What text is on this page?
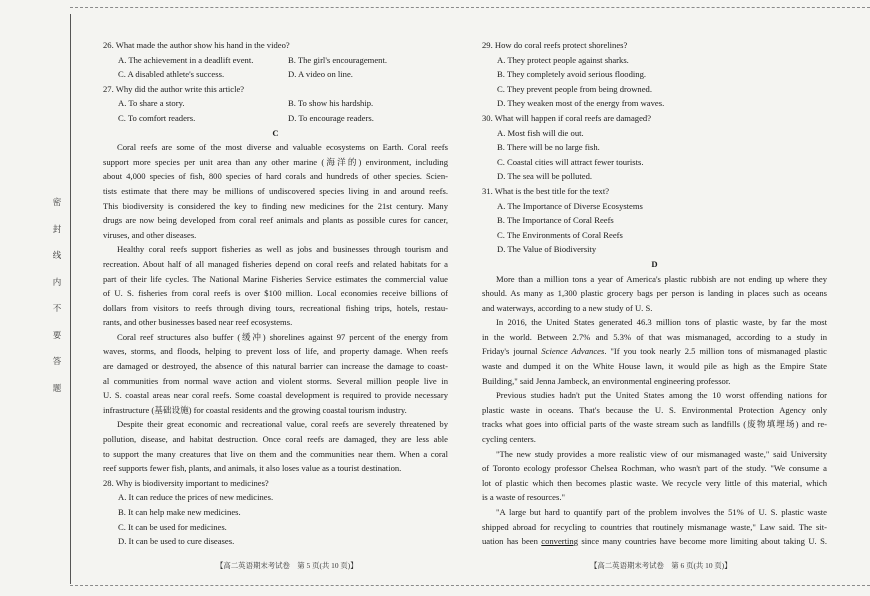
密
封
线
内
不
要
答
题
26. What made the author show his hand in the video?
A. The achievement in a deadlift event.	B. The girl's encouragement.
C. A disabled athlete's success.	D. A video on line.
27. Why did the author write this article?
A. To share a story.	B. To show his hardship.
C. To comfort readers.	D. To encourage readers.
C
Coral reefs are some of the most diverse and valuable ecosystems on Earth. Coral reefs
support more species per unit area than any other marine (海洋的) environment, including
about 4,000 species of fish, 800 species of hard corals and hundreds of other species. Scien-
tists estimate that there may be millions of undiscovered species living in and around reefs.
This biodiversity is considered the key to finding new medicines for the 21st century. Many
drugs are now being developed from coral reef animals and plants as possible cures for cancer,
viruses, and other diseases.
Healthy coral reefs support fisheries as well as jobs and businesses through tourism and
recreation. About half of all managed fisheries depend on coral reefs and related habitats for a
part of their life cycles. The National Marine Fisheries Service estimates the commercial value
of U. S. fisheries from coral reefs is over $100 million. Local economies receive billions of
dollars from visitors to reefs through diving tours, recreational fishing trips, hotels, restau-
rants, and other businesses based near reef ecosystems.
Coral reef structures also buffer (缓冲) shorelines against 97 percent of the energy from
waves, storms, and floods, helping to prevent loss of life, and property damage. When reefs
are damaged or destroyed, the absence of this natural barrier can increase the damage to coast-
al communities from normal wave action and violent storms. Several million people live in
U. S. coastal areas near coral reefs. Some coastal development is required to provide necessary
infrastructure (基础设施) for coastal residents and the growing coastal tourism industry.
Despite their great economic and recreational value, coral reefs are severely threatened by
pollution, disease, and habitat destruction. Once coral reefs are damaged, they are less able
to support the many creatures that live on them and the communities near them. When a coral
reef supports fewer fish, plants, and animals, it also loses value as a tourist destination.
28. Why is biodiversity important to medicines?
A. It can reduce the prices of new medicines.
B. It can help make new medicines.
C. It can be used for medicines.
D. It can be used to cure diseases.
29. How do coral reefs protect shorelines?
A. They protect people against sharks.
B. They completely avoid serious flooding.
C. They prevent people from being drowned.
D. They weaken most of the energy from waves.
30. What will happen if coral reefs are damaged?
A. Most fish will die out.
B. There will be no large fish.
C. Coastal cities will attract fewer tourists.
D. The sea will be polluted.
31. What is the best title for the text?
A. The Importance of Diverse Ecosystems
B. The Importance of Coral Reefs
C. The Environments of Coral Reefs
D. The Value of Biodiversity
D
More than a million tons a year of America's plastic rubbish are not ending up where they
should. As many as 1,300 plastic grocery bags per person is landing in places such as oceans
and waterways, according to a new study of U. S.
In 2016, the United States generated 46.3 million tons of plastic waste, by far the most
in the world. Between 2.7% and 5.3% of that was mismanaged, according to a study in
Friday's journal Science Advances. "If you took nearly 2.5 million tons of mismanaged plastic
waste and dumped it on the White House lawn, it would pile as high as the Empire State
Building," said Jenna Jambeck, an environmental engineering professor.
Previous studies hadn't put the United States among the 10 worst offending nations for
plastic waste in oceans. That's because the U. S. Environmental Protection Agency only
tracks what goes into official parts of the waste stream such as landfills (废物填埋场) and re-
cycling centers.
"The new study provides a more realistic view of our mismanaged waste," said University
of Toronto ecology professor Chelsea Rochman, who wasn't part of the study. "We consume a
lot of plastic which then becomes plastic waste. We recycle very little of this material, which
is a waste of resources."
"A large but hard to quantify part of the problem involves the 51% of U. S. plastic waste
shipped abroad for recycling to countries that routinely mismanage waste," Law said. The sit-
uation has been converting since many countries have become more limiting about taking U. S.
【高二英语期末考试卷　第 5 页(共 10 页)】	【高二英语期末考试卷　第 6 页(共 10 页)】
